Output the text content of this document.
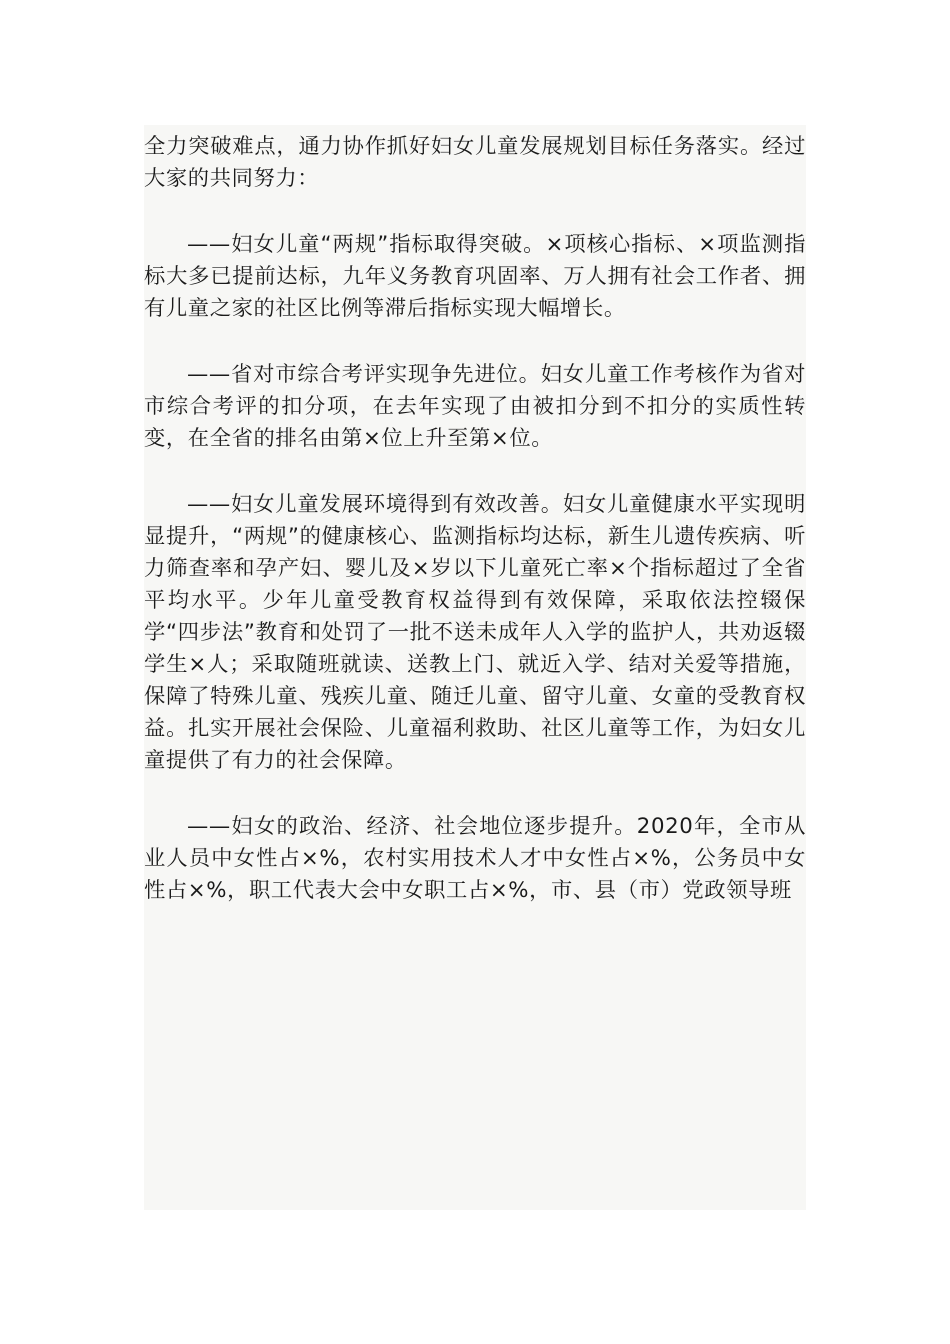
全力突破难点，通力协作抓好妇女儿童发展规划目标任务落实。经过大家的共同努力：

——妇女儿童“两规”指标取得突破。×项核心指标、×项监测指标大多已提前达标，九年义务教育巩固率、万人拥有社会工作者、拥有儿童之家的社区比例等滞后指标实现大幅增长。

——省对市综合考评实现争先进位。妇女儿童工作考核作为省对市综合考评的扣分项，在去年实现了由被扣分到不扣分的实质性转变，在全省的排名由第×位上升至第×位。

——妇女儿童发展环境得到有效改善。妇女儿童健康水平实现明显提升，“两规”的健康核心、监测指标均达标，新生儿遗传疾病、听力筛查率和孕产妇、婴儿及×岁以下儿童死亡率×个指标超过了全省平均水平。少年儿童受教育权益得到有效保障，采取依法控辍保学“四步法”教育和处罚了一批不送未成年人入学的监护人，共劝返辍学生×人；采取随班就读、送教上门、就近入学、结对关爱等措施，保障了特殊儿童、残疾儿童、随迁儿童、留守儿童、女童的受教育权益。扎实开展社会保险、儿童福利救助、社区儿童等工作，为妇女儿童提供了有力的社会保障。

——妇女的政治、经济、社会地位逐步提升。2020年，全市从业人员中女性占×%，农村实用技术人才中女性占×%，公务员中女性占×%，职工代表大会中女职工占×%，市、县（市）党政领导班
